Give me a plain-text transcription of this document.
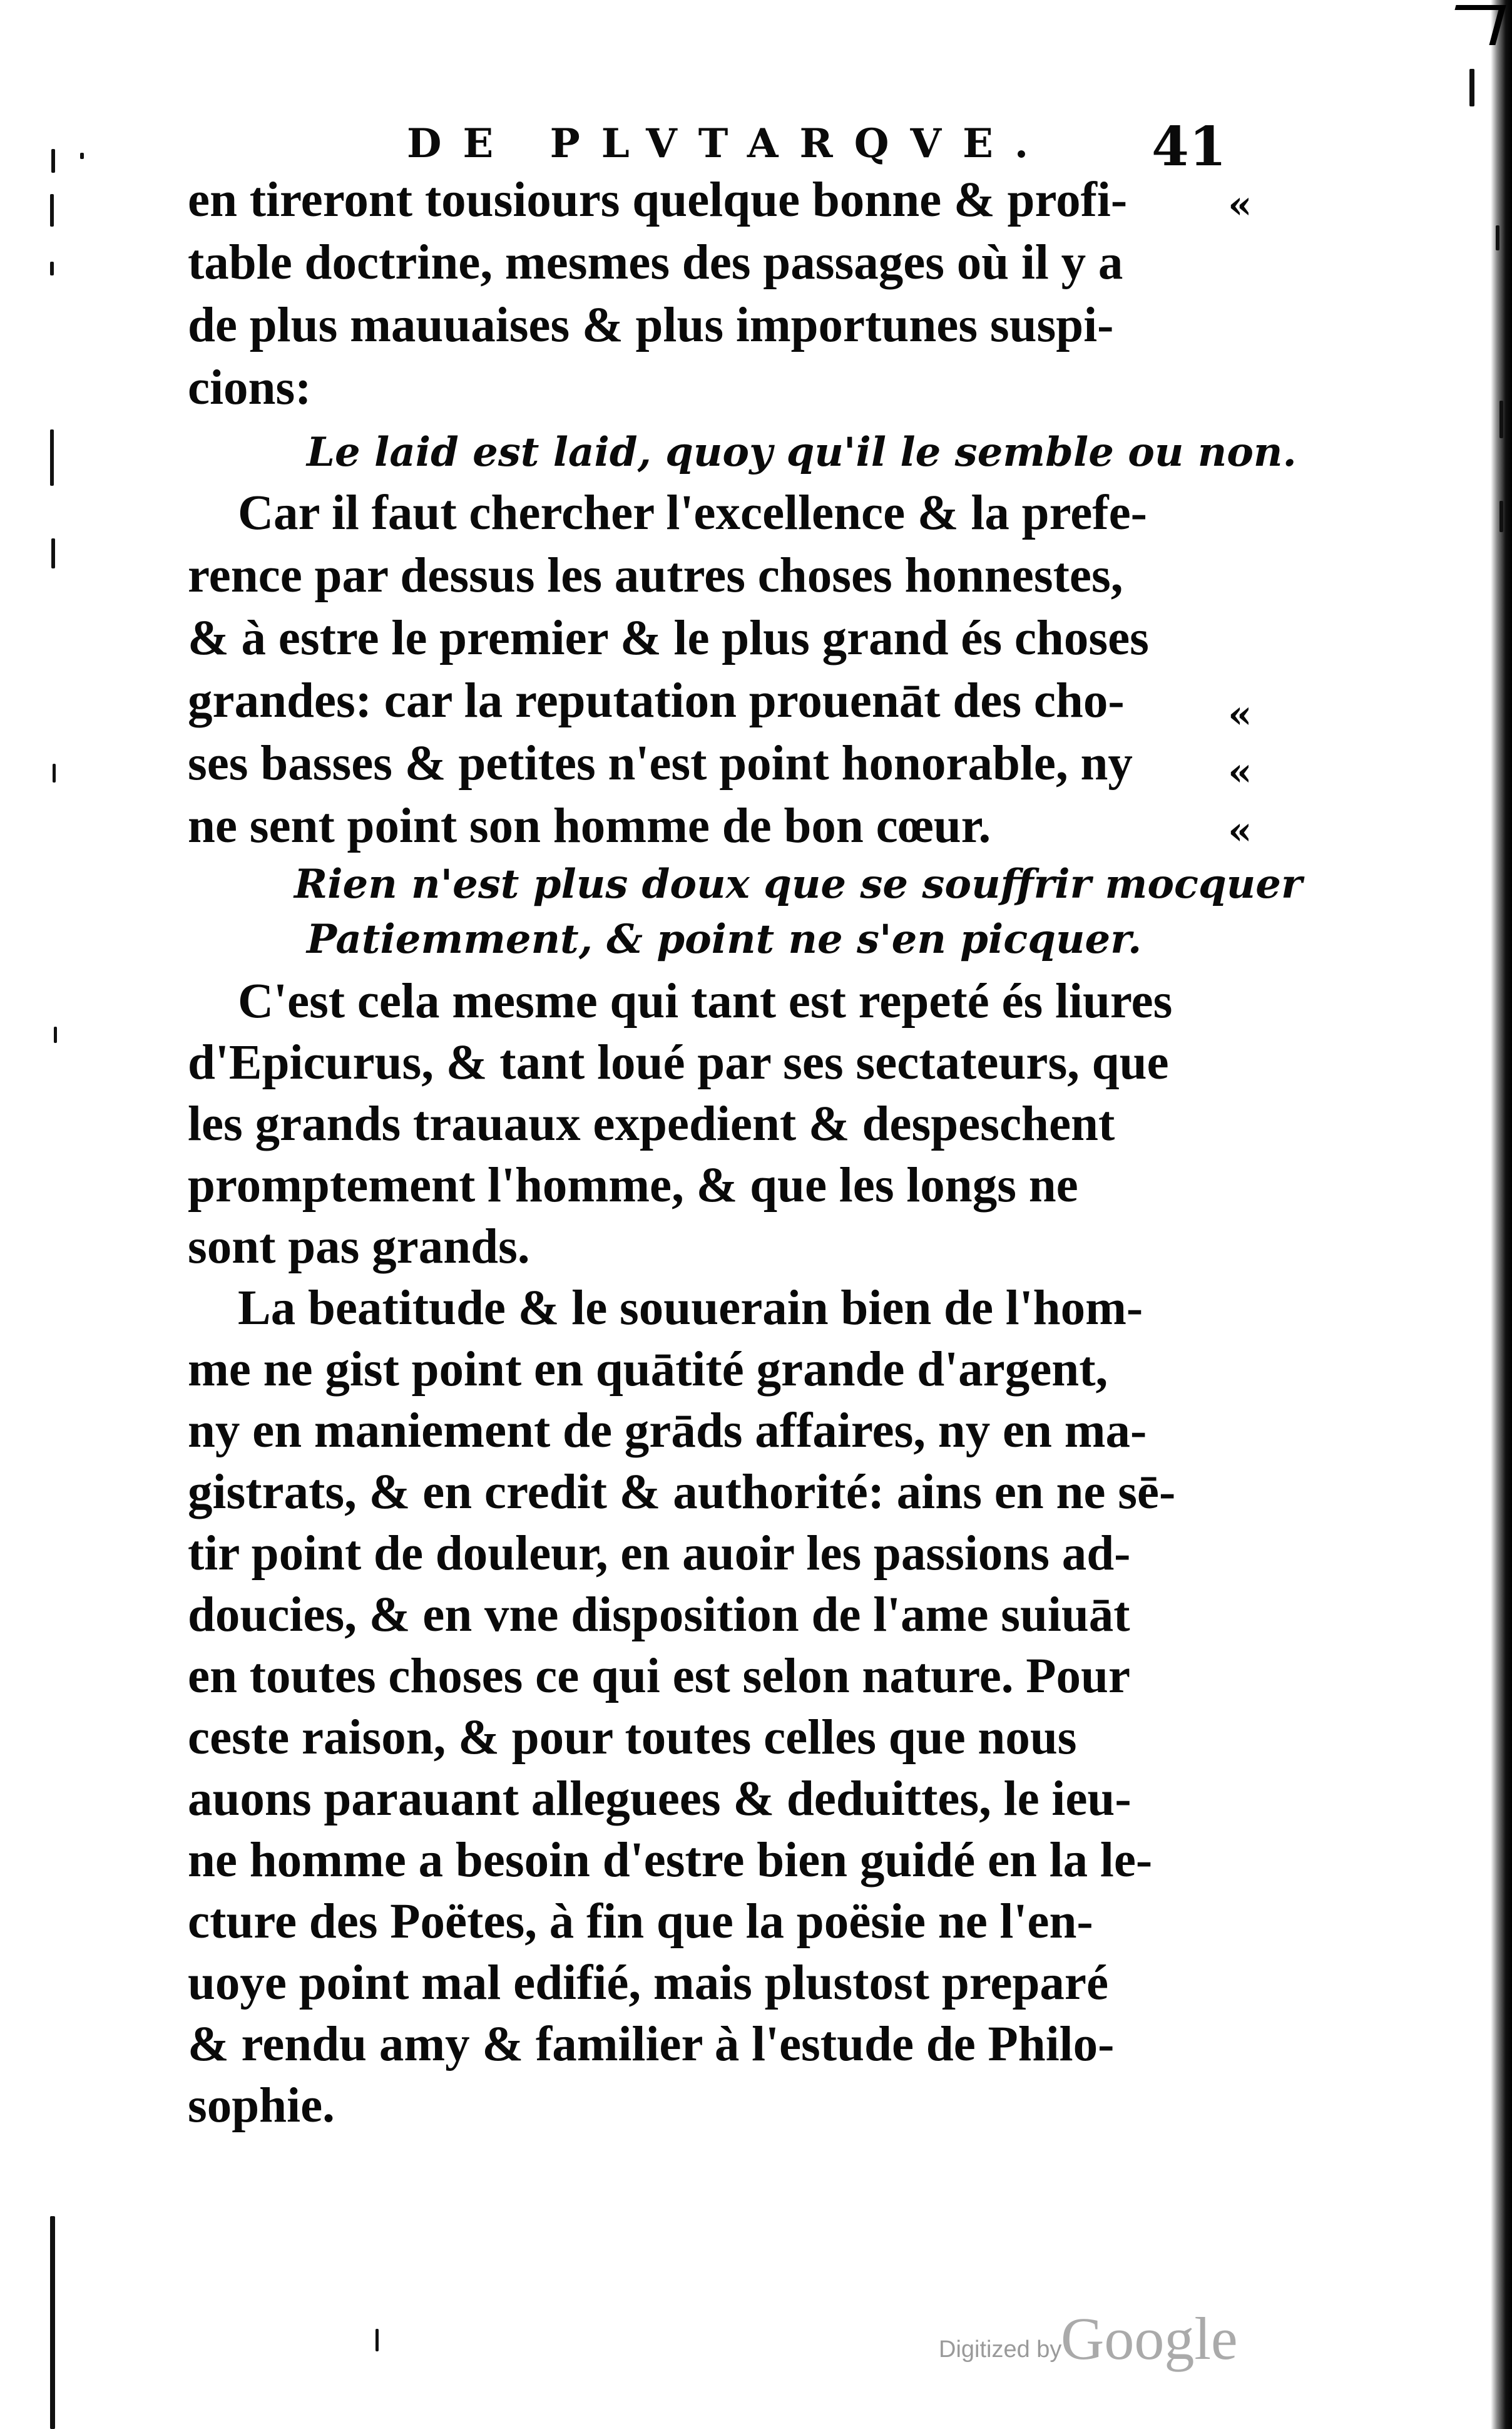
DE PLVTARQVE. 41
en tireront tousiours quelque bonne & profi-
table doctrine, mesmes des passages où il y a
de plus mauuaises & plus importunes suspi-
cions:
Le laid est laid, quoy qu'il le semble ou non.
Car il faut chercher l'excellence & la prefe-
rence par dessus les autres choses honnestes,
& à estre le premier & le plus grand és choses
grandes: car la reputation prouenāt des cho-
ses basses & petites n'est point honorable, ny
ne sent point son homme de bon cœur.
Rien n'est plus doux que se souffrir mocquer
Patiemment, & point ne s'en picquer.
C'est cela mesme qui tant est repeté és liures
d'Epicurus, & tant loué par ses sectateurs, que
les grands trauaux expedient & despeschent
promptement l'homme, & que les longs ne
sont pas grands.
La beatitude & le souuerain bien de l'hom-
me ne gist point en quātité grande d'argent,
ny en maniement de grāds affaires, ny en ma-
gistrats, & en credit & authorité: ains en ne sē-
tir point de douleur, en auoir les passions ad-
doucies, & en vne disposition de l'ame suiuāt
en toutes choses ce qui est selon nature. Pour
ceste raison, & pour toutes celles que nous
auons parauant alleguees & deduittes, le ieu-
ne homme a besoin d'estre bien guidé en la le-
cture des Poëtes, à fin que la poësie ne l'en-
uoye point mal edifié, mais plustost preparé
& rendu amy & familier à l'estude de Philo-
sophie.
«
«
«
«
Digitized by
Google
